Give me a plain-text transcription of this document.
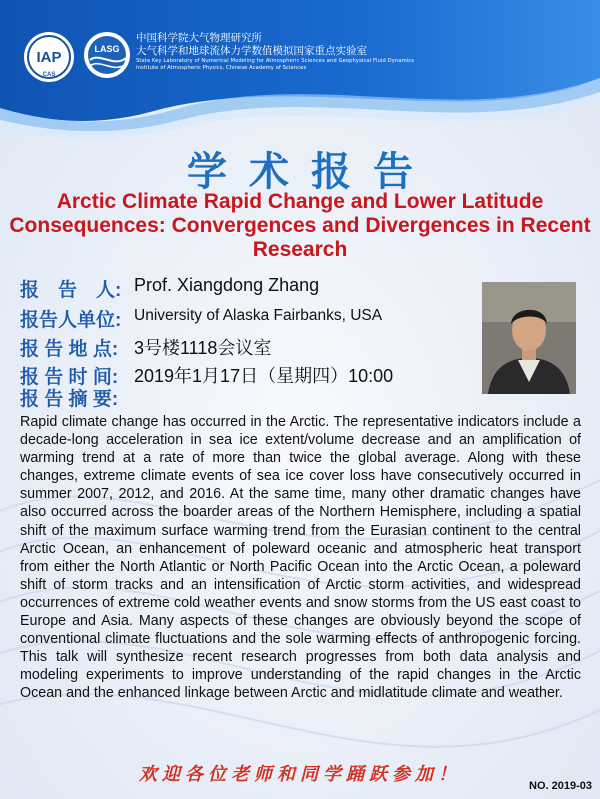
IAP
CAS
LASG
中国科学院大气物理研究所
大气科学和地球流体力学数值模拟国家重点实验室
State Key Laboratory of Numerical Modeling for Atmospheric Sciences and Geophysical Fluid Dynamics
Institute of Atmospheric Physics, Chinese Academy of Sciences
学术报告
Arctic Climate Rapid Change and Lower Latitude Consequences: Convergences and Divergences in Recent Research
报　告　人: Prof. Xiangdong Zhang
报告人单位: University of Alaska Fairbanks, USA
报 告 地 点: 3号楼1118会议室
报 告 时 间: 2019年1月17日（星期四）10:00
报 告 摘 要:
Rapid climate change has occurred in the Arctic. The representative indicators include a decade-long acceleration in sea ice extent/volume decrease and an amplification of warming trend at a rate of more than twice the global average. Along with these changes, extreme climate events of sea ice cover loss have consecutively occurred in summer 2007, 2012, and 2016. At the same time, many other dramatic changes have also occurred across the boarder areas of the Northern Hemisphere, including a spatial shift of the maximum surface warming trend from the Eurasian continent to the central Arctic Ocean, an enhancement of poleward oceanic and atmospheric heat transport from either the North Atlantic or North Pacific Ocean into the Arctic Ocean, a poleward shift of storm tracks and an intensification of Arctic storm activities, and widespread occurrences of extreme cold weather events and snow storms from the US east coast to Europe and Asia. Many aspects of these changes are obviously beyond the scope of conventional climate fluctuations and the sole warming effects of anthropogenic forcing. This talk will synthesize recent research progresses from both data analysis and modeling experiments to improve understanding of the rapid changes in the Arctic Ocean and the enhanced linkage between Arctic and midlatitude climate and weather.
欢迎各位老师和同学踊跃参加！
NO. 2019-03
